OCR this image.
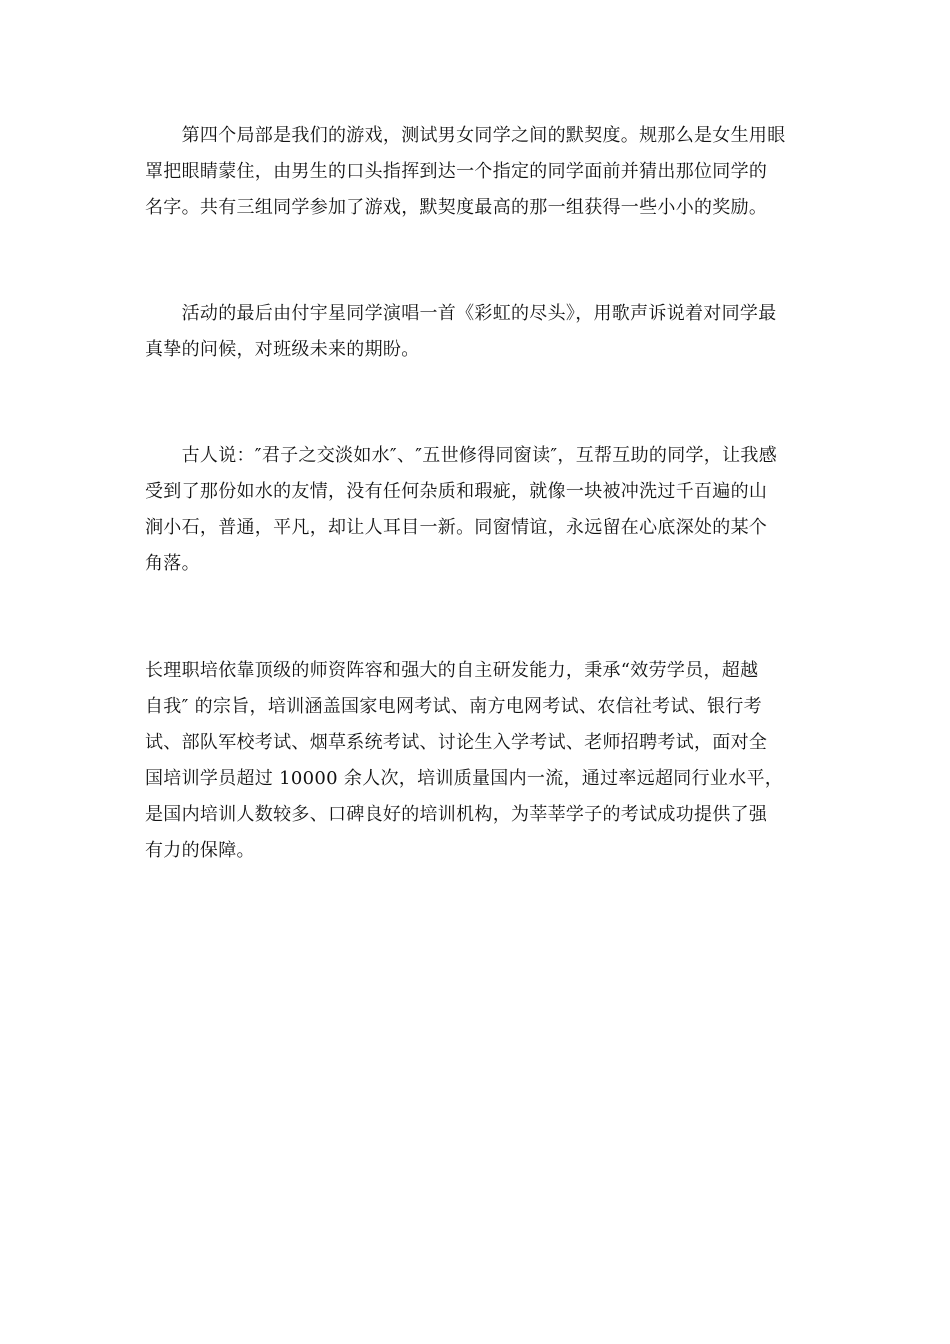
　　第四个局部是我们的游戏，测试男女同学之间的默契度。规那么是女生用眼
罩把眼睛蒙住，由男生的口头指挥到达一个指定的同学面前并猜出那位同学的
名字。共有三组同学参加了游戏，默契度最高的那一组获得一些小小的奖励。

　　活动的最后由付宇星同学演唱一首《彩虹的尽头》，用歌声诉说着对同学最
真挚的问候，对班级未来的期盼。

　　古人说：″君子之交淡如水″、″五世修得同窗读″，互帮互助的同学，让我感
受到了那份如水的友情，没有任何杂质和瑕疵，就像一块被冲洗过千百遍的山
涧小石，普通，平凡，却让人耳目一新。同窗情谊，永远留在心底深处的某个
角落。

长理职培依靠顶级的师资阵容和强大的自主研发能力，秉承“效劳学员，超越
自我″ 的宗旨，培训涵盖国家电网考试、南方电网考试、农信社考试、银行考
试、部队军校考试、烟草系统考试、讨论生入学考试、老师招聘考试，面对全
国培训学员超过 10000 余人次，培训质量国内一流，通过率远超同行业水平，
是国内培训人数较多、口碑良好的培训机构，为莘莘学子的考试成功提供了强
有力的保障。
